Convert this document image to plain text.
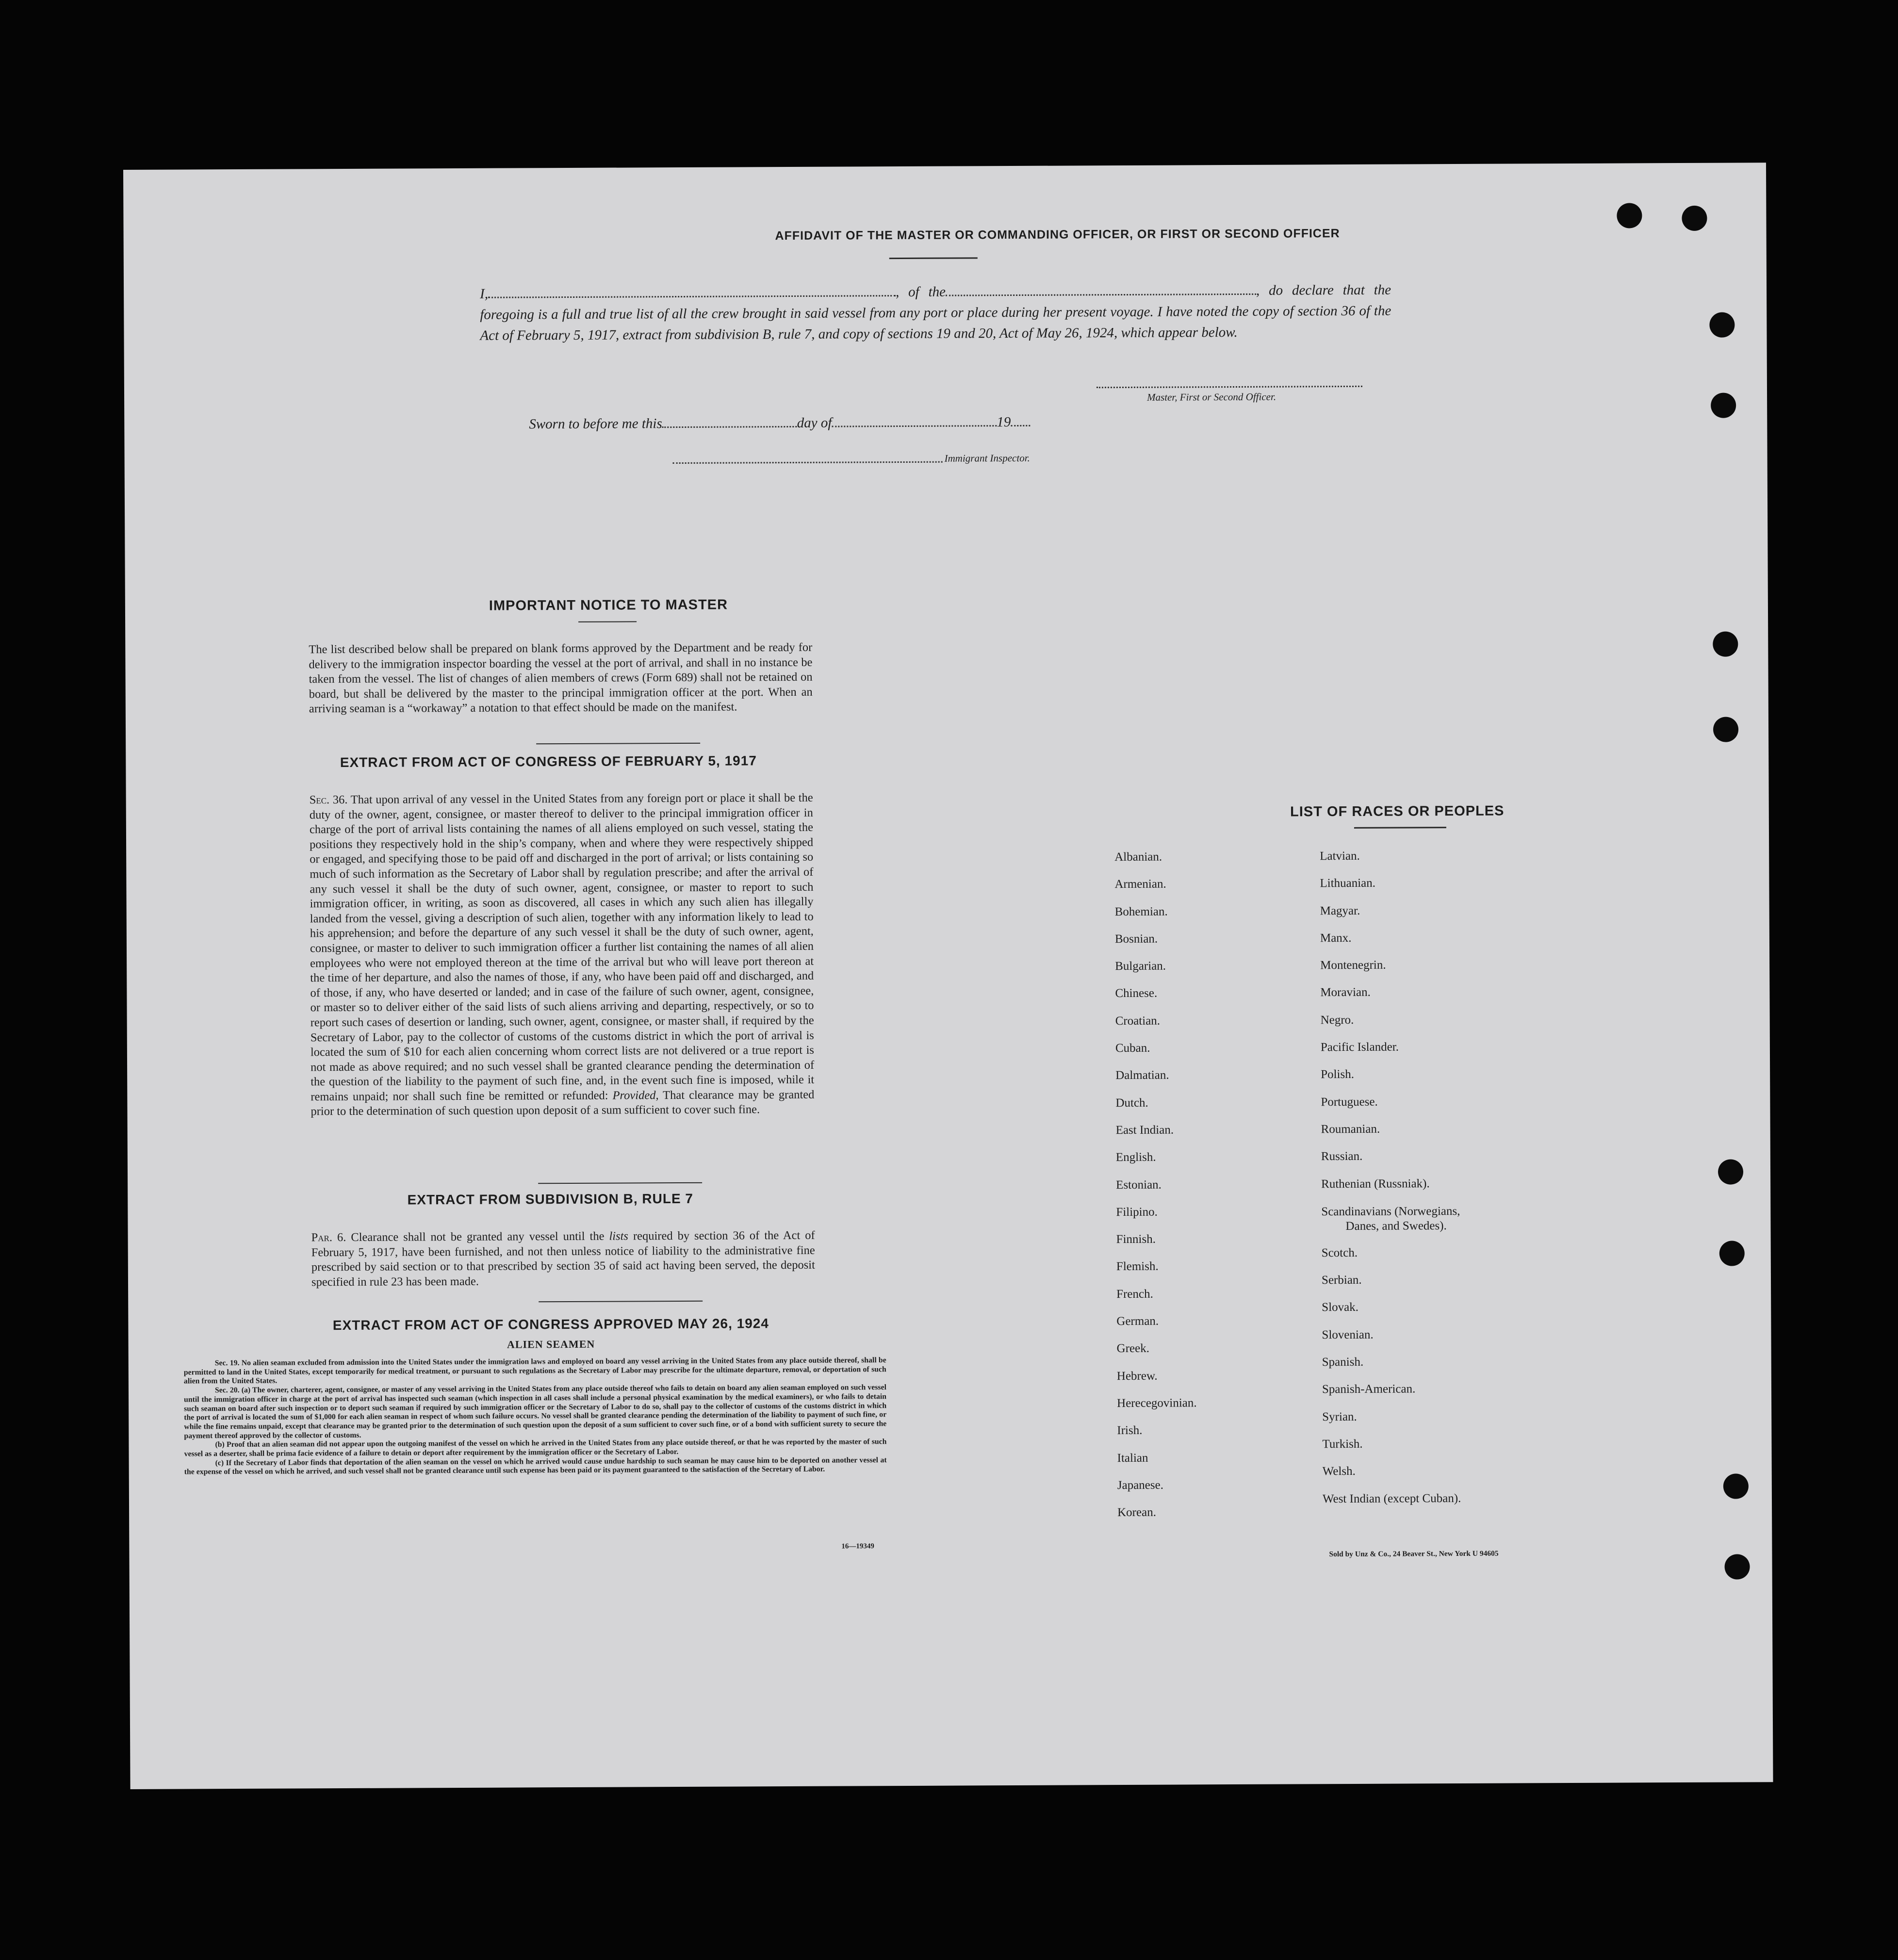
AFFIDAVIT OF THE MASTER OR COMMANDING OFFICER, OR FIRST OR SECOND OFFICER
I,	, of the	, do declare that the foregoing is a full and true list of all the crew brought in said vessel from any port or place during her present voyage. I have noted the copy of section 36 of the Act of February 5, 1917, extract from subdivision B, rule 7, and copy of sections 19 and 20, Act of May 26, 1924, which appear below.
Master, First or Second Officer.
Sworn to before me this	day of	19
Immigrant Inspector.
IMPORTANT NOTICE TO MASTER
The list described below shall be prepared on blank forms approved by the Department and be ready for delivery to the immigration inspector boarding the vessel at the port of arrival, and shall in no instance be taken from the vessel. The list of changes of alien members of crews (Form 689) shall not be retained on board, but shall be delivered by the master to the principal immigration officer at the port. When an arriving seaman is a “workaway” a notation to that effect should be made on the manifest.
EXTRACT FROM ACT OF CONGRESS OF FEBRUARY 5, 1917
Sec. 36. That upon arrival of any vessel in the United States from any foreign port or place it shall be the duty of the owner, agent, consignee, or master thereof to deliver to the principal immigration officer in charge of the port of arrival lists containing the names of all aliens employed on such vessel, stating the positions they respectively hold in the ship’s company, when and where they were respectively shipped or engaged, and specifying those to be paid off and discharged in the port of arrival; or lists containing so much of such information as the Secretary of Labor shall by regulation prescribe; and after the arrival of any such vessel it shall be the duty of such owner, agent, consignee, or master to report to such immigration officer, in writing, as soon as discovered, all cases in which any such alien has illegally landed from the vessel, giving a description of such alien, together with any information likely to lead to his apprehension; and before the departure of any such vessel it shall be the duty of such owner, agent, consignee, or master to deliver to such immigration officer a further list containing the names of all alien employees who were not employed thereon at the time of the arrival but who will leave port thereon at the time of her departure, and also the names of those, if any, who have been paid off and discharged, and of those, if any, who have deserted or landed; and in case of the failure of such owner, agent, consignee, or master so to deliver either of the said lists of such aliens arriving and departing, respectively, or so to report such cases of desertion or landing, such owner, agent, consignee, or master shall, if required by the Secretary of Labor, pay to the collector of customs of the customs district in which the port of arrival is located the sum of $10 for each alien concerning whom correct lists are not delivered or a true report is not made as above required; and no such vessel shall be granted clearance pending the determination of the question of the liability to the payment of such fine, and, in the event such fine is imposed, while it remains unpaid; nor shall such fine be remitted or refunded: Provided, That clearance may be granted prior to the determination of such question upon deposit of a sum sufficient to cover such fine.
EXTRACT FROM SUBDIVISION B, RULE 7
Par. 6. Clearance shall not be granted any vessel until the lists required by section 36 of the Act of February 5, 1917, have been furnished, and not then unless notice of liability to the administrative fine prescribed by said section or to that prescribed by section 35 of said act having been served, the deposit specified in rule 23 has been made.
EXTRACT FROM ACT OF CONGRESS APPROVED MAY 26, 1924
ALIEN SEAMEN

Sec. 19. No alien seaman excluded from admission into the United States under the immigration laws and employed on board any vessel arriving in the United States from any place outside thereof, shall be permitted to land in the United States, except temporarily for medical treatment, or pursuant to such regulations as the Secretary of Labor may prescribe for the ultimate departure, removal, or deportation of such alien from the United States.

Sec. 20. (a) The owner, charterer, agent, consignee, or master of any vessel arriving in the United States from any place outside thereof who fails to detain on board any alien seaman employed on such vessel until the immigration officer in charge at the port of arrival has inspected such seaman (which inspection in all cases shall include a personal physical examination by the medical examiners), or who fails to detain such seaman on board after such inspection or to deport such seaman if required by such immigration officer or the Secretary of Labor to do so, shall pay to the collector of customs of the customs district in which the port of arrival is located the sum of $1,000 for each alien seaman in respect of whom such failure occurs. No vessel shall be granted clearance pending the determination of the liability to payment of such fine, or while the fine remains unpaid, except that clearance may be granted prior to the determination of such question upon the deposit of a sum sufficient to cover such fine, or of a bond with sufficient surety to secure the payment thereof approved by the collector of customs.

(b) Proof that an alien seaman did not appear upon the outgoing manifest of the vessel on which he arrived in the United States from any place outside thereof, or that he was reported by the master of such vessel as a deserter, shall be prima facie evidence of a failure to detain or deport after requirement by the immigration officer or the Secretary of Labor.

(c) If the Secretary of Labor finds that deportation of the alien seaman on the vessel on which he arrived would cause undue hardship to such seaman he may cause him to be deported on another vessel at the expense of the vessel on which he arrived, and such vessel shall not be granted clearance until such expense has been paid or its payment guaranteed to the satisfaction of the Secretary of Labor.

16—19349
LIST OF RACES OR PEOPLES
Albanian.
Armenian.
Bohemian.
Bosnian.
Bulgarian.
Chinese.
Croatian.
Cuban.
Dalmatian.
Dutch.
East Indian.
English.
Estonian.
Filipino.
Finnish.
Flemish.
French.
German.
Greek.
Hebrew.
Herecegovinian.
Irish.
Italian
Japanese.
Korean.
Latvian.
Lithuanian.
Magyar.
Manx.
Montenegrin.
Moravian.
Negro.
Pacific Islander.
Polish.
Portuguese.
Roumanian.
Russian.
Ruthenian (Russniak).
Scandinavians (Norwegians,
Danes, and Swedes).
Scotch.
Serbian.
Slovak.
Slovenian.
Spanish.
Spanish-American.
Syrian.
Turkish.
Welsh.
West Indian (except Cuban).
Sold by Unz & Co., 24 Beaver St., New York U 94605
